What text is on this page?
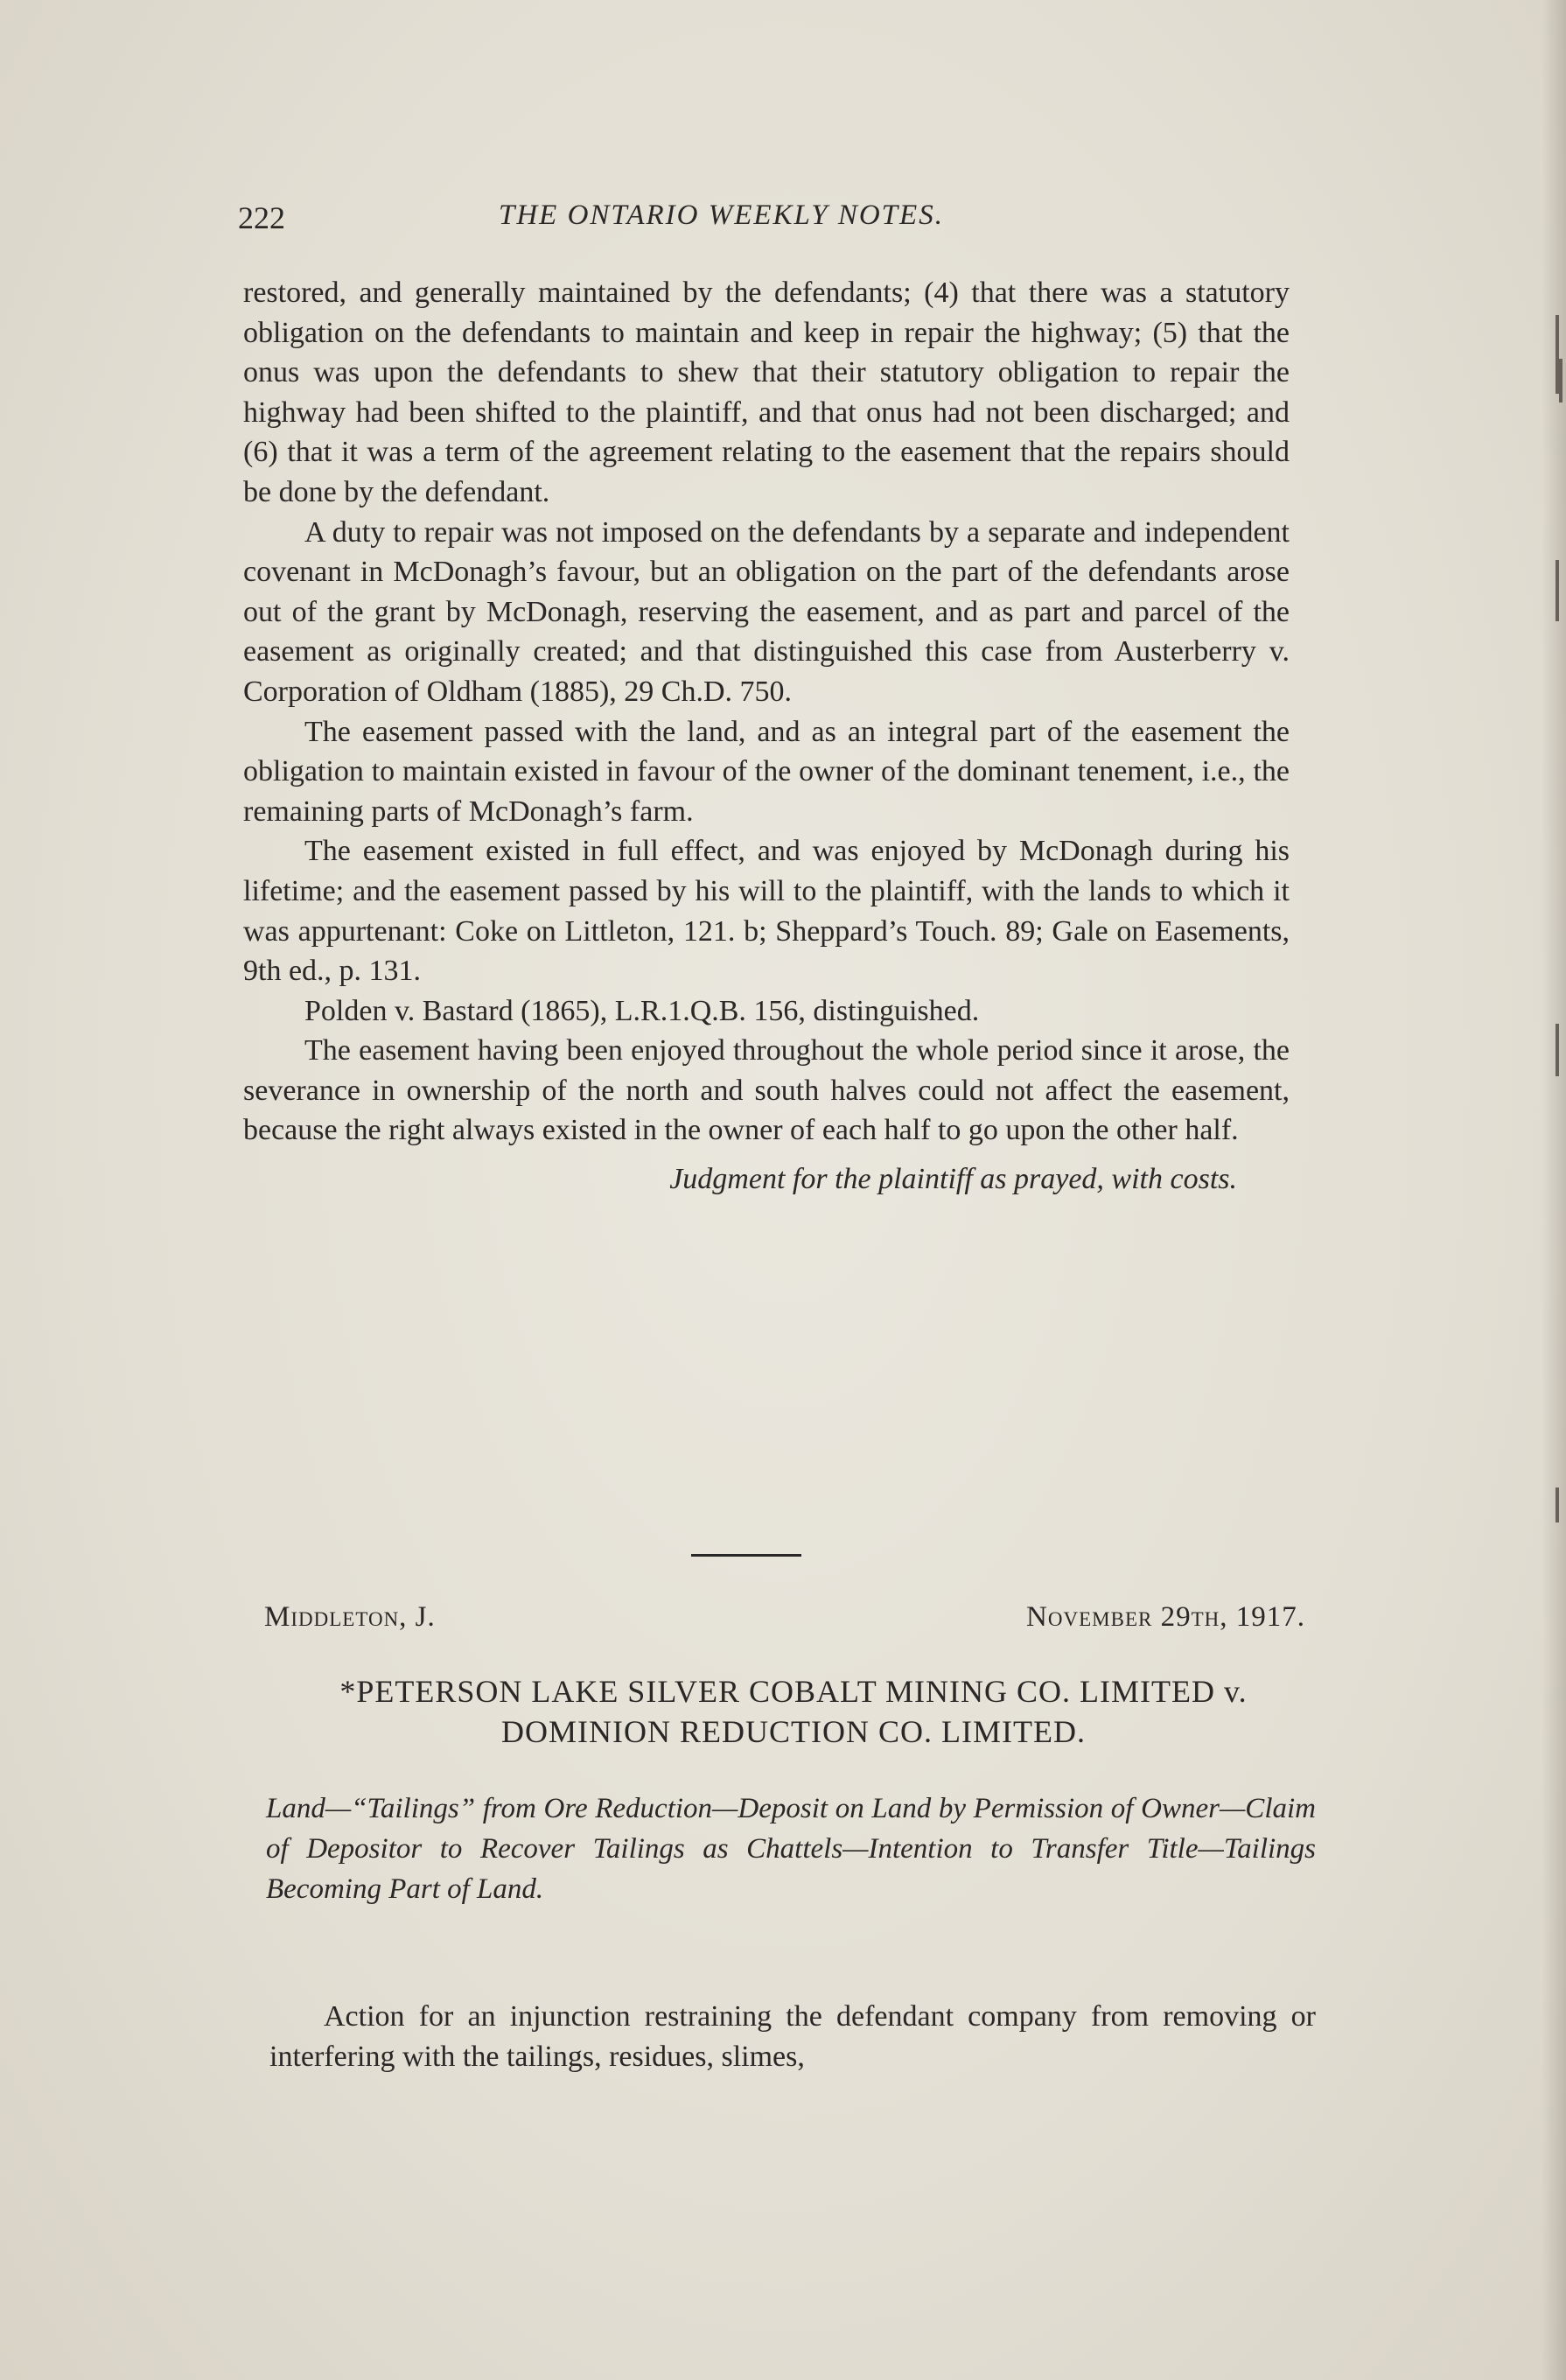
222	THE ONTARIO WEEKLY NOTES.

restored, and generally maintained by the defendants; (4) that there was a statutory obligation on the defendants to maintain and keep in repair the highway; (5) that the onus was upon the defendants to shew that their statutory obligation to repair the highway had been shifted to the plaintiff, and that onus had not been discharged; and (6) that it was a term of the agreement relating to the easement that the repairs should be done by the defendant.

A duty to repair was not imposed on the defendants by a separate and independent covenant in McDonagh’s favour, but an obligation on the part of the defendants arose out of the grant by McDonagh, reserving the easement, and as part and parcel of the easement as originally created; and that distinguished this case from Austerberry v. Corporation of Oldham (1885), 29 Ch.D. 750.

The easement passed with the land, and as an integral part of the easement the obligation to maintain existed in favour of the owner of the dominant tenement, i.e., the remaining parts of McDonagh’s farm.

The easement existed in full effect, and was enjoyed by McDonagh during his lifetime; and the easement passed by his will to the plaintiff, with the lands to which it was appurtenant: Coke on Littleton, 121. b; Sheppard’s Touch. 89; Gale on Easements, 9th ed., p. 131.

Polden v. Bastard (1865), L.R.1.Q.B. 156, distinguished.

The easement having been enjoyed throughout the whole period since it arose, the severance in ownership of the north and south halves could not affect the easement, because the right always existed in the owner of each half to go upon the other half.

Judgment for the plaintiff as prayed, with costs.
Middleton, J.	November 29th, 1917.
*PETERSON LAKE SILVER COBALT MINING CO. LIMITED v. DOMINION REDUCTION CO. LIMITED.
Land—“Tailings” from Ore Reduction—Deposit on Land by Permission of Owner—Claim of Depositor to Recover Tailings as Chattels—Intention to Transfer Title—Tailings Becoming Part of Land.
Action for an injunction restraining the defendant company from removing or interfering with the tailings, residues, slimes,
